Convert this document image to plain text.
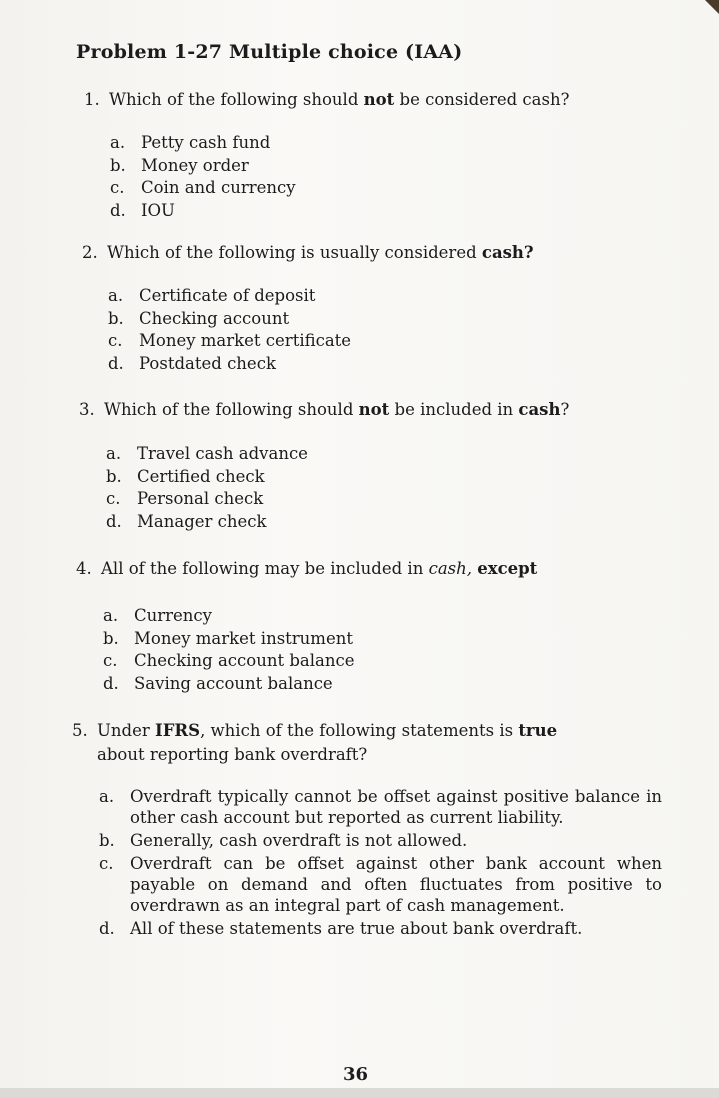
Problem 1-27 Multiple choice (IAA)
1. Which of the following should not be considered cash?
a. Petty cash fund
b. Money order
c.	Coin and currency
d. IOU
2. Which of the following is usually considered cash?
a. Certificate of deposit
b. Checking account
c.	Money market certificate
d. Postdated check
3. Which of the following should not be included in cash?
a. Travel cash advance
b. Certified check
c.	Personal check
d. Manager check
4. All of the following may be included in cash, except
a. Currency
b. Money market instrument
c.	Checking account balance
d. Saving account balance
5. Under IFRS, which of the following statements is true
about reporting bank overdraft?
a. Overdraft typically cannot be offset against positive balance in other cash account but reported as current liability.
b. Generally, cash overdraft is not allowed.
c.	Overdraft can be offset against other bank account when payable on demand and often fluctuates from positive to overdrawn as an integral part of cash management.
d. All of these statements are true about bank overdraft.
36
